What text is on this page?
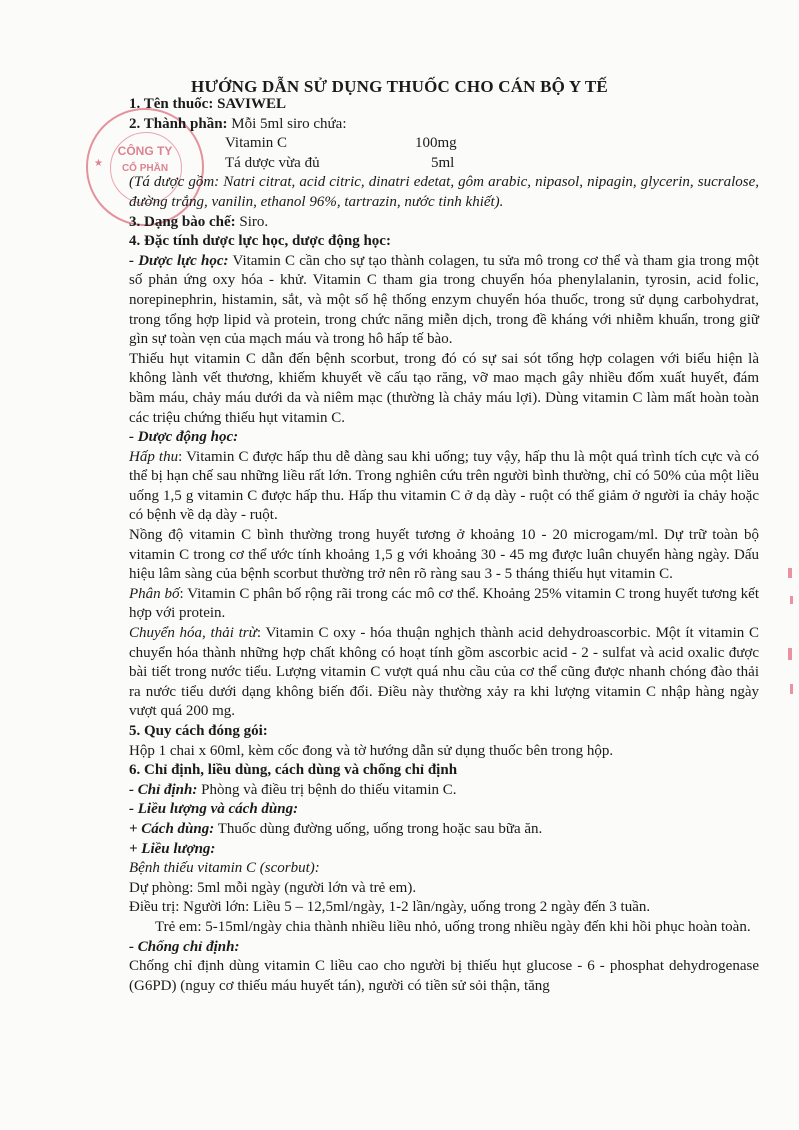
★
CÔNG TY
CỔ PHẦN
HƯỚNG DẪN SỬ DỤNG THUỐC CHO CÁN BỘ Y TẾ

1. Tên thuốc: SAVIWEL

2. Thành phần: Mỗi 5ml siro chứa:

Vitamin C	100mg
Tá dược vừa đủ	5ml

(Tá dược gồm: Natri citrat, acid citric, dinatri edetat, gôm arabic, nipasol, nipagin, glycerin, sucralose, đường trắng, vanilin, ethanol 96%, tartrazin, nước tinh khiết).

3. Dạng bào chế: Siro.

4. Đặc tính dược lực học, dược động học:

- Dược lực học: Vitamin C cần cho sự tạo thành colagen, tu sửa mô trong cơ thể và tham gia trong một số phản ứng oxy hóa - khử. Vitamin C tham gia trong chuyển hóa phenylalanin, tyrosin, acid folic, norepinephrin, histamin, sắt, và một số hệ thống enzym chuyển hóa thuốc, trong sử dụng carbohydrat, trong tổng hợp lipid và protein, trong chức năng miễn dịch, trong đề kháng với nhiễm khuẩn, trong giữ gìn sự toàn vẹn của mạch máu và trong hô hấp tế bào.

Thiếu hụt vitamin C dẫn đến bệnh scorbut, trong đó có sự sai sót tổng hợp colagen với biểu hiện là không lành vết thương, khiếm khuyết về cấu tạo răng, vỡ mao mạch gây nhiều đốm xuất huyết, đám bầm máu, chảy máu dưới da và niêm mạc (thường là chảy máu lợi). Dùng vitamin C làm mất hoàn toàn các triệu chứng thiếu hụt vitamin C.

- Dược động học:

Hấp thu: Vitamin C được hấp thu dễ dàng sau khi uống; tuy vậy, hấp thu là một quá trình tích cực và có thể bị hạn chế sau những liều rất lớn. Trong nghiên cứu trên người bình thường, chỉ có 50% của một liều uống 1,5 g vitamin C được hấp thu. Hấp thu vitamin C ở dạ dày - ruột có thể giảm ở người ỉa chảy hoặc có bệnh về dạ dày - ruột.

Nồng độ vitamin C bình thường trong huyết tương ở khoảng 10 - 20 microgam/ml. Dự trữ toàn bộ vitamin C trong cơ thể ước tính khoảng 1,5 g với khoảng 30 - 45 mg được luân chuyển hàng ngày. Dấu hiệu lâm sàng của bệnh scorbut thường trở nên rõ ràng sau 3 - 5 tháng thiếu hụt vitamin C.

Phân bố: Vitamin C phân bố rộng rãi trong các mô cơ thể. Khoảng 25% vitamin C trong huyết tương kết hợp với protein.

Chuyển hóa, thải trừ: Vitamin C oxy - hóa thuận nghịch thành acid dehydroascorbic. Một ít vitamin C chuyển hóa thành những hợp chất không có hoạt tính gồm ascorbic acid - 2 - sulfat và acid oxalic được bài tiết trong nước tiểu. Lượng vitamin C vượt quá nhu cầu của cơ thể cũng được nhanh chóng đào thải ra nước tiểu dưới dạng không biến đổi. Điều này thường xảy ra khi lượng vitamin C nhập hàng ngày vượt quá 200 mg.

5. Quy cách đóng gói:

Hộp 1 chai x 60ml, kèm cốc đong và tờ hướng dẫn sử dụng thuốc bên trong hộp.

6. Chỉ định, liều dùng, cách dùng và chống chỉ định

- Chỉ định: Phòng và điều trị bệnh do thiếu vitamin C.

- Liều lượng và cách dùng:

+ Cách dùng: Thuốc dùng đường uống, uống trong hoặc sau bữa ăn.

+ Liều lượng:

Bệnh thiếu vitamin C (scorbut):

Dự phòng: 5ml mỗi ngày (người lớn và trẻ em).

Điều trị: Người lớn: Liều 5 – 12,5ml/ngày, 1-2 lần/ngày, uống trong 2 ngày đến 3 tuần.

Trẻ em: 5-15ml/ngày chia thành nhiều liều nhỏ, uống trong nhiều ngày đến khi hồi phục hoàn toàn.

- Chống chỉ định:

Chống chỉ định dùng vitamin C liều cao cho người bị thiếu hụt glucose - 6 - phosphat dehydrogenase (G6PD) (nguy cơ thiếu máu huyết tán), người có tiền sử sỏi thận, tăng
